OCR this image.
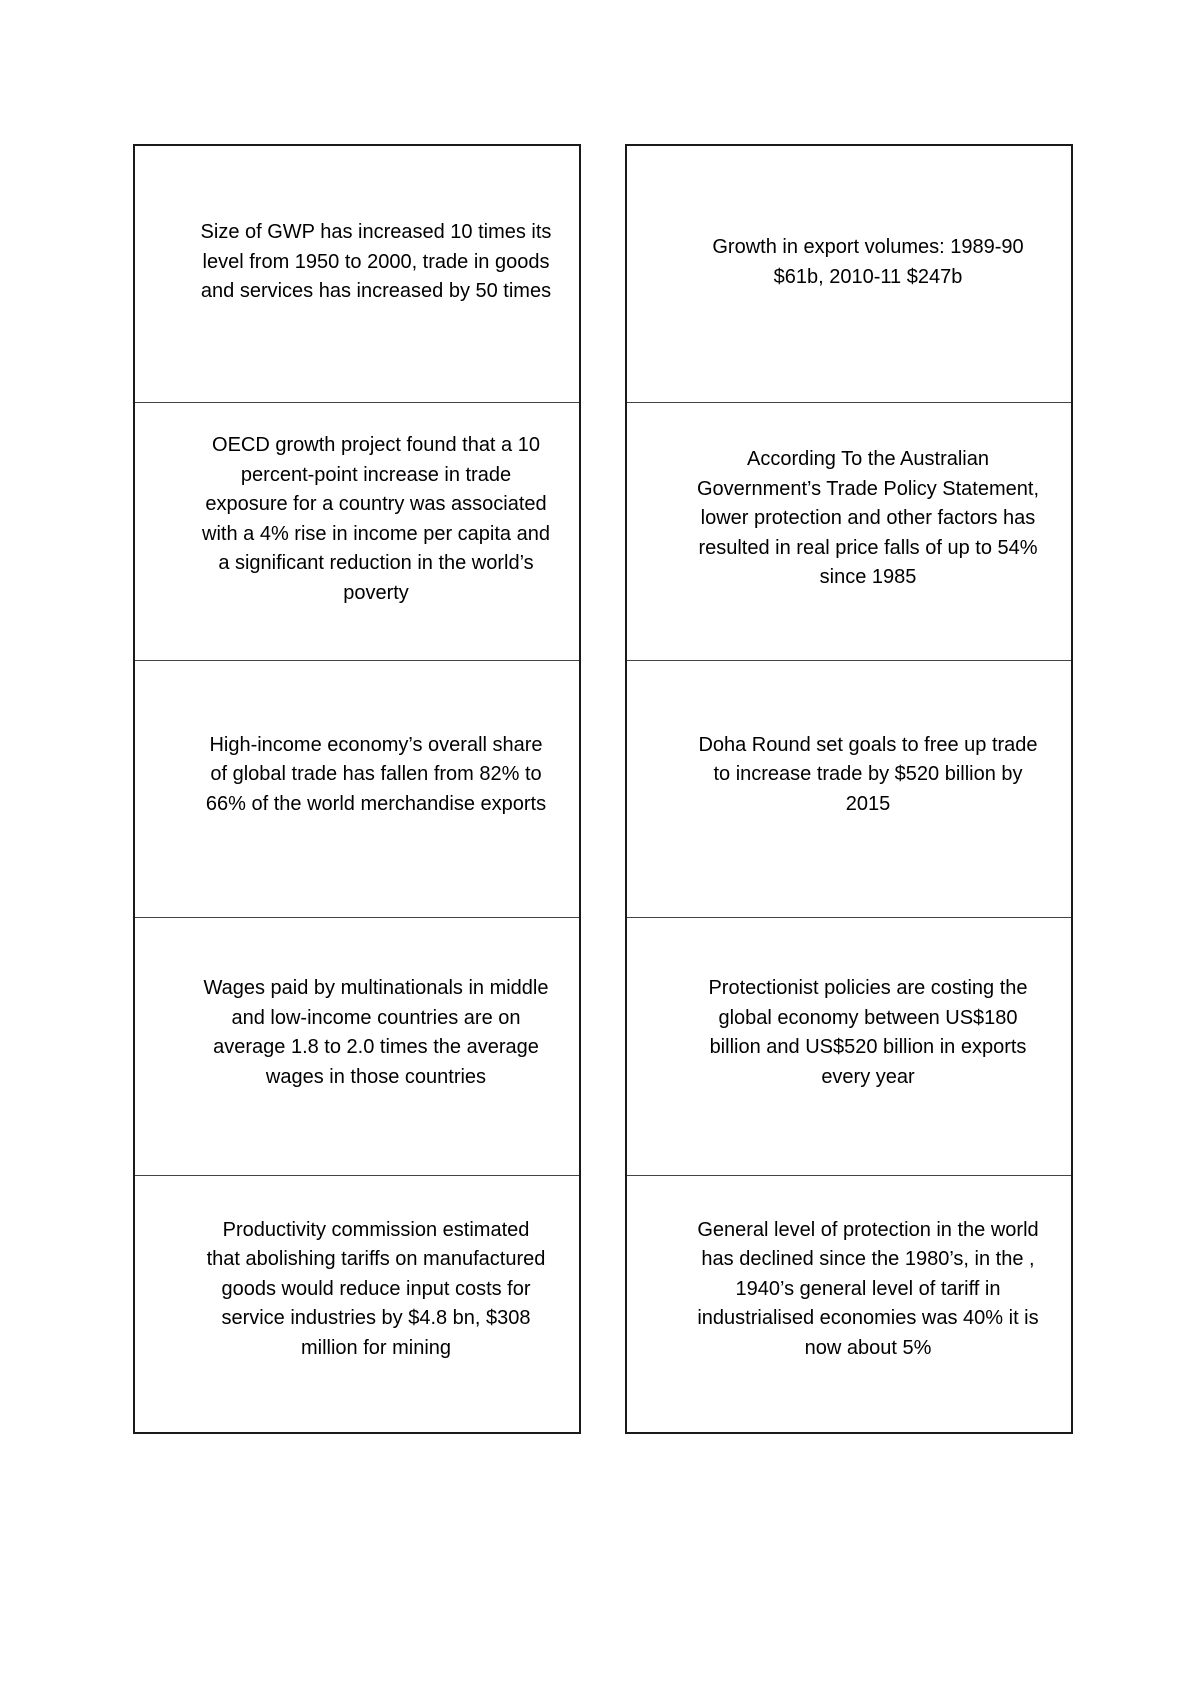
Size of GWP has increased 10 times its
level from 1950 to 2000, trade in goods
and services has increased by 50 times
OECD growth project found that a 10
percent-point increase in trade
exposure for a country was associated
with a 4% rise in income per capita and
a significant reduction in the world’s
poverty
High-income economy’s overall share
of global trade has fallen from 82% to
66% of the world merchandise exports
Wages paid by multinationals in middle
and low-income countries are on
average 1.8 to 2.0 times the average
wages in those countries
Productivity commission estimated
that abolishing tariffs on manufactured
goods would reduce input costs for
service industries by $4.8 bn, $308
million for mining
Growth in export volumes: 1989-90
$61b, 2010-11 $247b
According To the Australian
Government’s Trade Policy Statement,
lower protection and other factors has
resulted in real price falls of up to 54%
since 1985
Doha Round set goals to free up trade
to increase trade by $520 billion by
2015
Protectionist policies are costing the
global economy between US$180
billion and US$520 billion in exports
every year
General level of protection in the world
has declined since the 1980’s, in the ,
1940’s general level of tariff in
industrialised economies was 40% it is
now about 5%
